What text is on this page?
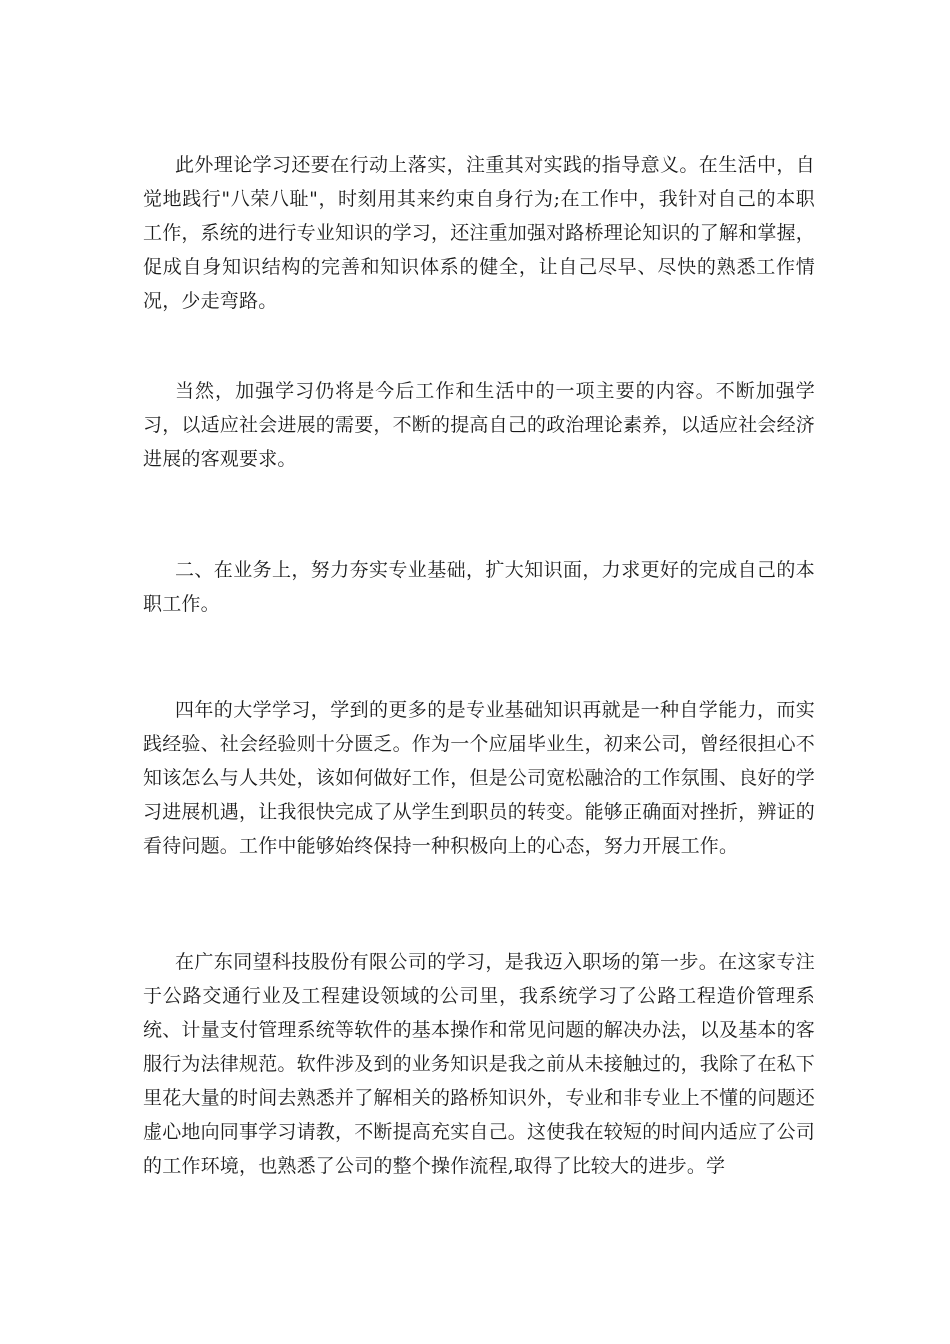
此外理论学习还要在行动上落实，注重其对实践的指导意义。在生活中，自觉地践行"八荣八耻"，时刻用其来约束自身行为;在工作中，我针对自己的本职工作，系统的进行专业知识的学习，还注重加强对路桥理论知识的了解和掌握，促成自身知识结构的完善和知识体系的健全，让自己尽早、尽快的熟悉工作情况，少走弯路。

当然，加强学习仍将是今后工作和生活中的一项主要的内容。不断加强学习，以适应社会进展的需要，不断的提高自己的政治理论素养，以适应社会经济进展的客观要求。

二、在业务上，努力夯实专业基础，扩大知识面，力求更好的完成自己的本职工作。

四年的大学学习，学到的更多的是专业基础知识再就是一种自学能力，而实践经验、社会经验则十分匮乏。作为一个应届毕业生，初来公司，曾经很担心不知该怎么与人共处，该如何做好工作，但是公司宽松融洽的工作氛围、良好的学习进展机遇，让我很快完成了从学生到职员的转变。能够正确面对挫折，辨证的看待问题。工作中能够始终保持一种积极向上的心态，努力开展工作。

在广东同望科技股份有限公司的学习，是我迈入职场的第一步。在这家专注于公路交通行业及工程建设领域的公司里，我系统学习了公路工程造价管理系统、计量支付管理系统等软件的基本操作和常见问题的解决办法，以及基本的客服行为法律规范。软件涉及到的业务知识是我之前从未接触过的，我除了在私下里花大量的时间去熟悉并了解相关的路桥知识外，专业和非专业上不懂的问题还虚心地向同事学习请教，不断提高充实自己。这使我在较短的时间内适应了公司的工作环境，也熟悉了公司的整个操作流程,取得了比较大的进步。学
